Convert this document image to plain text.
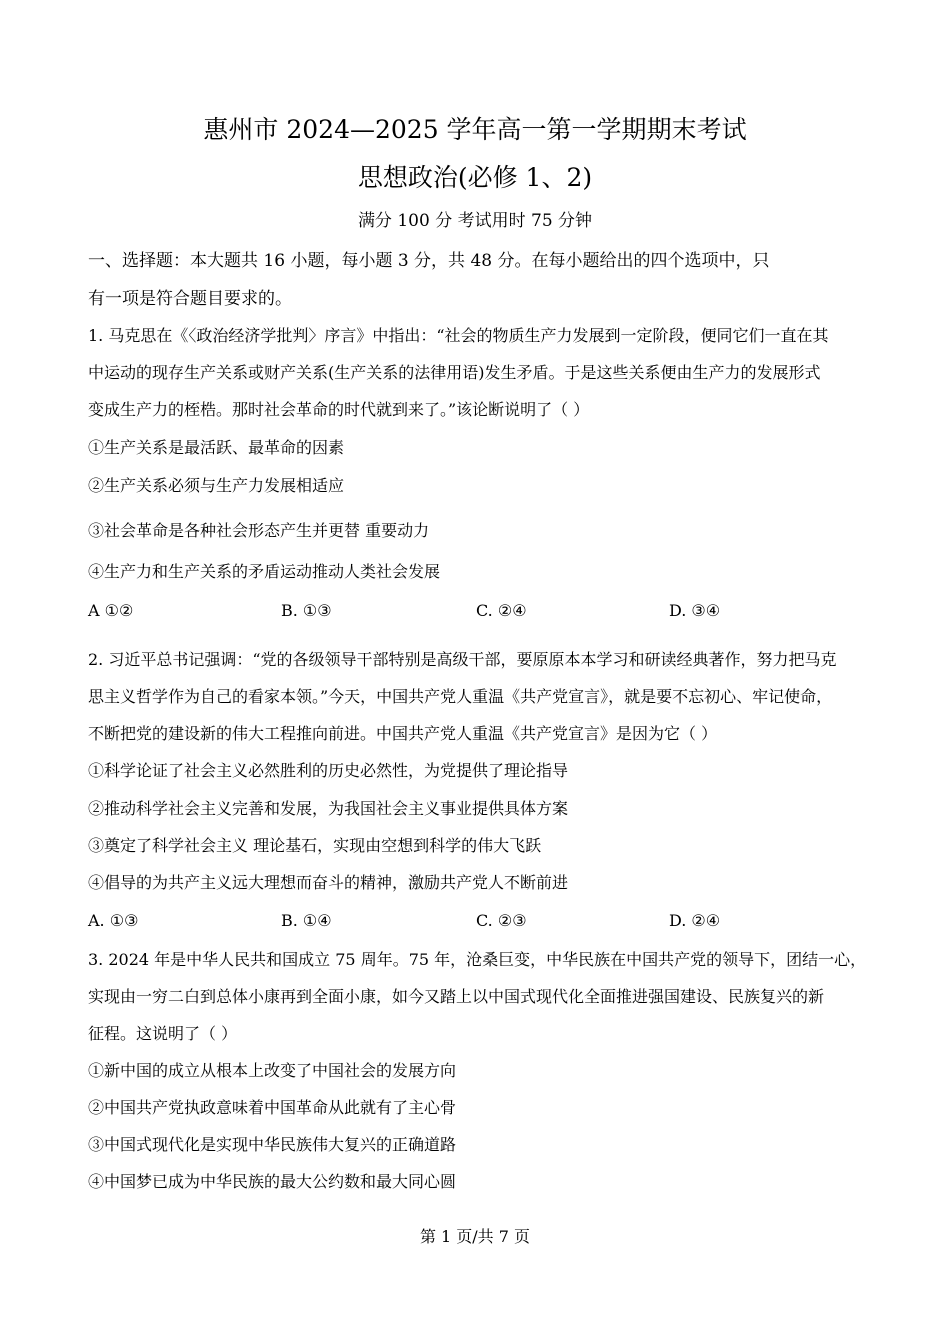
惠州市 2024—2025 学年高一第一学期期末考试
思想政治(必修 1、2)
满分 100 分 考试用时 75 分钟
一、选择题：本大题共 16 小题，每小题 3 分，共 48 分。在每小题给出的四个选项中，只
有一项是符合题目要求的。
1. 马克思在《〈政治经济学批判〉序言》中指出：“社会的物质生产力发展到一定阶段，便同它们一直在其
中运动的现存生产关系或财产关系(生产关系的法律用语)发生矛盾。于是这些关系便由生产力的发展形式
变成生产力的桎梏。那时社会革命的时代就到来了。”该论断说明了（ ）
①生产关系是最活跃、最革命的因素
②生产关系必须与生产力发展相适应
③社会革命是各种社会形态产生并更替 重要动力
④生产力和生产关系的矛盾运动推动人类社会发展
A ①②	B. ①③	C. ②④	D. ③④
2. 习近平总书记强调：“党的各级领导干部特别是高级干部，要原原本本学习和研读经典著作，努力把马克
思主义哲学作为自己的看家本领。”今天，中国共产党人重温《共产党宣言》，就是要不忘初心、牢记使命，
不断把党的建设新的伟大工程推向前进。中国共产党人重温《共产党宣言》是因为它（ ）
①科学论证了社会主义必然胜利的历史必然性，为党提供了理论指导
②推动科学社会主义完善和发展，为我国社会主义事业提供具体方案
③奠定了科学社会主义 理论基石，实现由空想到科学的伟大飞跃
④倡导的为共产主义远大理想而奋斗的精神，激励共产党人不断前进
A. ①③	B. ①④	C. ②③	D. ②④
3. 2024 年是中华人民共和国成立 75 周年。75 年，沧桑巨变，中华民族在中国共产党的领导下，团结一心，
实现由一穷二白到总体小康再到全面小康，如今又踏上以中国式现代化全面推进强国建设、民族复兴的新
征程。这说明了（ ）
①新中国的成立从根本上改变了中国社会的发展方向
②中国共产党执政意味着中国革命从此就有了主心骨
③中国式现代化是实现中华民族伟大复兴的正确道路
④中国梦已成为中华民族的最大公约数和最大同心圆
第 1 页/共 7 页
